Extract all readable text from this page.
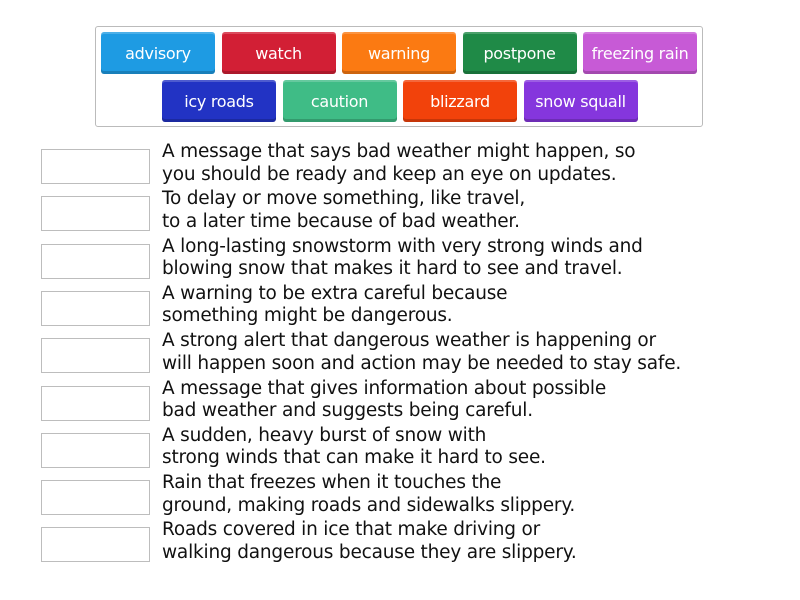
advisory	watch	warning	postpone	freezing rain
icy roads	caution	blizzard	snow squall
A message that says bad weather might happen, so
you should be ready and keep an eye on updates.
To delay or move something, like travel,
to a later time because of bad weather.
A long-lasting snowstorm with very strong winds and
blowing snow that makes it hard to see and travel.
A warning to be extra careful because
something might be dangerous.
A strong alert that dangerous weather is happening or
will happen soon and action may be needed to stay safe.
A message that gives information about possible
bad weather and suggests being careful.
A sudden, heavy burst of snow with
strong winds that can make it hard to see.
Rain that freezes when it touches the
ground, making roads and sidewalks slippery.
Roads covered in ice that make driving or
walking dangerous because they are slippery.
